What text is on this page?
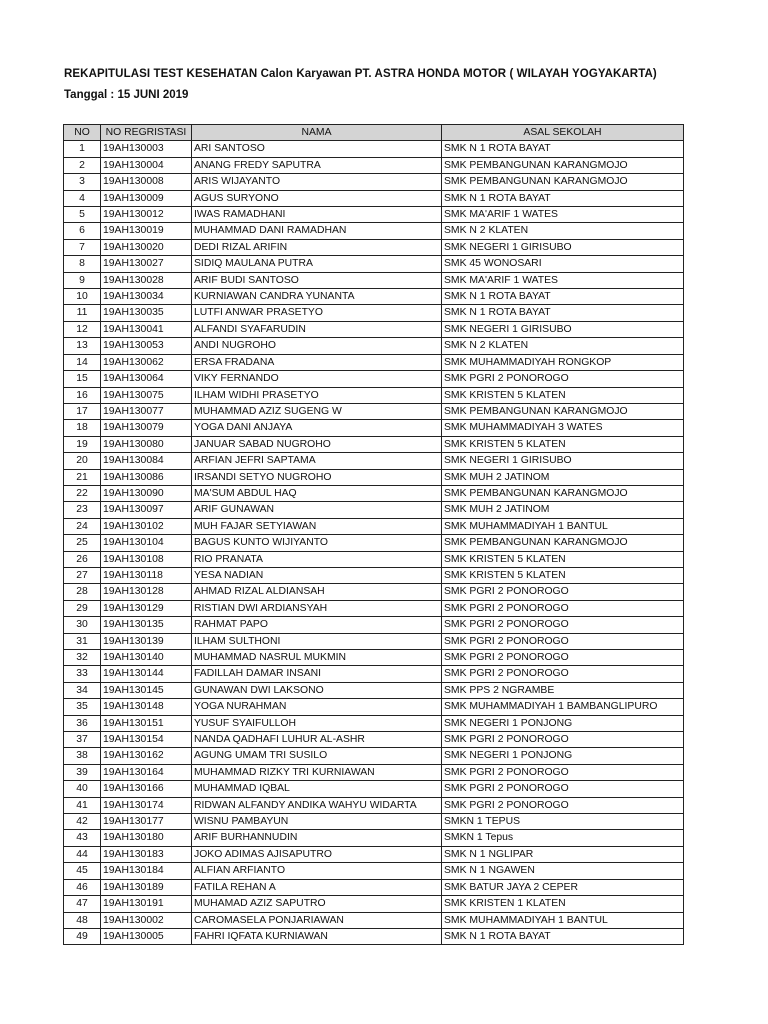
REKAPITULASI TEST KESEHATAN Calon Karyawan PT. ASTRA HONDA MOTOR ( WILAYAH YOGYAKARTA)
Tanggal : 15 JUNI 2019
NO	NO REGRISTASI	NAMA	ASAL SEKOLAH
1	19AH130003	ARI SANTOSO	SMK N 1 ROTA BAYAT
2	19AH130004	ANANG FREDY SAPUTRA	SMK PEMBANGUNAN KARANGMOJO
3	19AH130008	ARIS WIJAYANTO	SMK PEMBANGUNAN KARANGMOJO
4	19AH130009	AGUS SURYONO	SMK N 1 ROTA BAYAT
5	19AH130012	IWAS RAMADHANI	SMK MA'ARIF 1 WATES
6	19AH130019	MUHAMMAD DANI RAMADHAN	SMK N 2 KLATEN
7	19AH130020	DEDI RIZAL ARIFIN	SMK NEGERI 1 GIRISUBO
8	19AH130027	SIDIQ MAULANA PUTRA	SMK 45 WONOSARI
9	19AH130028	ARIF BUDI SANTOSO	SMK MA'ARIF 1 WATES
10	19AH130034	KURNIAWAN CANDRA YUNANTA	SMK N 1 ROTA BAYAT
11	19AH130035	LUTFI ANWAR PRASETYO	SMK N 1 ROTA BAYAT
12	19AH130041	ALFANDI SYAFARUDIN	SMK NEGERI 1 GIRISUBO
13	19AH130053	ANDI NUGROHO	SMK N 2 KLATEN
14	19AH130062	ERSA FRADANA	SMK MUHAMMADIYAH RONGKOP
15	19AH130064	VIKY FERNANDO	SMK PGRI 2 PONOROGO
16	19AH130075	ILHAM WIDHI PRASETYO	SMK KRISTEN 5 KLATEN
17	19AH130077	MUHAMMAD AZIZ SUGENG W	SMK PEMBANGUNAN KARANGMOJO
18	19AH130079	YOGA DANI ANJAYA	SMK MUHAMMADIYAH 3 WATES
19	19AH130080	JANUAR SABAD NUGROHO	SMK KRISTEN 5 KLATEN
20	19AH130084	ARFIAN JEFRI SAPTAMA	SMK NEGERI 1 GIRISUBO
21	19AH130086	IRSANDI SETYO NUGROHO	SMK MUH 2 JATINOM
22	19AH130090	MA'SUM ABDUL HAQ	SMK PEMBANGUNAN KARANGMOJO
23	19AH130097	ARIF GUNAWAN	SMK MUH 2 JATINOM
24	19AH130102	MUH FAJAR SETYIAWAN	SMK MUHAMMADIYAH 1 BANTUL
25	19AH130104	BAGUS KUNTO WIJIYANTO	SMK PEMBANGUNAN KARANGMOJO
26	19AH130108	RIO PRANATA	SMK KRISTEN 5 KLATEN
27	19AH130118	YESA NADIAN	SMK KRISTEN 5 KLATEN
28	19AH130128	AHMAD RIZAL ALDIANSAH	SMK PGRI 2 PONOROGO
29	19AH130129	RISTIAN DWI ARDIANSYAH	SMK PGRI 2 PONOROGO
30	19AH130135	RAHMAT PAPO	SMK PGRI 2 PONOROGO
31	19AH130139	ILHAM SULTHONI	SMK PGRI 2 PONOROGO
32	19AH130140	MUHAMMAD NASRUL MUKMIN	SMK PGRI 2 PONOROGO
33	19AH130144	FADILLAH DAMAR INSANI	SMK PGRI 2 PONOROGO
34	19AH130145	GUNAWAN DWI LAKSONO	SMK PPS 2 NGRAMBE
35	19AH130148	YOGA NURAHMAN	SMK MUHAMMADIYAH 1 BAMBANGLIPURO
36	19AH130151	YUSUF SYAIFULLOH	SMK NEGERI 1 PONJONG
37	19AH130154	NANDA QADHAFI LUHUR AL-ASHR	SMK PGRI 2 PONOROGO
38	19AH130162	AGUNG UMAM TRI SUSILO	SMK NEGERI 1 PONJONG
39	19AH130164	MUHAMMAD RIZKY TRI KURNIAWAN	SMK PGRI 2 PONOROGO
40	19AH130166	MUHAMMAD IQBAL	SMK PGRI 2 PONOROGO
41	19AH130174	RIDWAN ALFANDY ANDIKA WAHYU WIDARTA	SMK PGRI 2 PONOROGO
42	19AH130177	WISNU PAMBAYUN	SMKN 1 TEPUS
43	19AH130180	ARIF BURHANNUDIN	SMKN 1 Tepus
44	19AH130183	JOKO ADIMAS AJISAPUTRO	SMK N 1 NGLIPAR
45	19AH130184	ALFIAN ARFIANTO	SMK N 1 NGAWEN
46	19AH130189	FATILA REHAN A	SMK BATUR JAYA 2 CEPER
47	19AH130191	MUHAMAD AZIZ SAPUTRO	SMK KRISTEN 1 KLATEN
48	19AH130002	CAROMASELA PONJARIAWAN	SMK MUHAMMADIYAH 1 BANTUL
49	19AH130005	FAHRI IQFATA KURNIAWAN	SMK N 1 ROTA BAYAT
